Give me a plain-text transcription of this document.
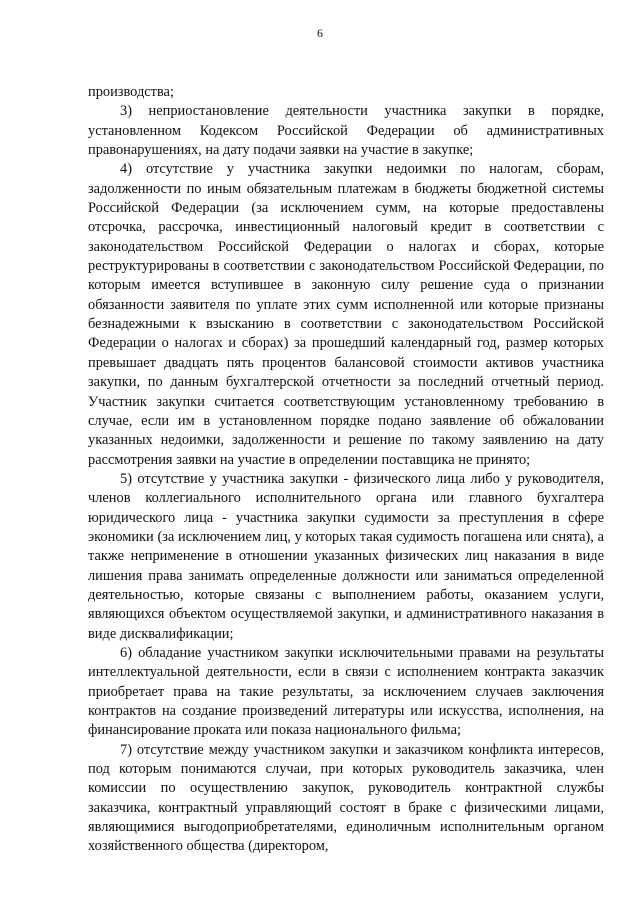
6

производства;

3) неприостановление деятельности участника закупки в порядке, установленном Кодексом Российской Федерации об административных правонарушениях, на дату подачи заявки на участие в закупке;

4) отсутствие у участника закупки недоимки по налогам, сборам, задолженности по иным обязательным платежам в бюджеты бюджетной системы Российской Федерации (за исключением сумм, на которые предоставлены отсрочка, рассрочка, инвестиционный налоговый кредит в соответствии с законодательством Российской Федерации о налогах и сборах, которые реструктурированы в соответствии с законодательством Российской Федерации, по которым имеется вступившее в законную силу решение суда о признании обязанности заявителя по уплате этих сумм исполненной или которые признаны безнадежными к взысканию в соответствии с законодательством Российской Федерации о налогах и сборах) за прошедший календарный год, размер которых превышает двадцать пять процентов балансовой стоимости активов участника закупки, по данным бухгалтерской отчетности за последний отчетный период. Участник закупки считается соответствующим установленному требованию в случае, если им в установленном порядке подано заявление об обжаловании указанных недоимки, задолженности и решение по такому заявлению на дату рассмотрения заявки на участие в определении поставщика не принято;

5) отсутствие у участника закупки - физического лица либо у руководителя, членов коллегиального исполнительного органа или главного бухгалтера юридического лица - участника закупки судимости за преступления в сфере экономики (за исключением лиц, у которых такая судимость погашена или снята), а также неприменение в отношении указанных физических лиц наказания в виде лишения права занимать определенные должности или заниматься определенной деятельностью, которые связаны с выполнением работы, оказанием услуги, являющихся объектом осуществляемой закупки, и административного наказания в виде дисквалификации;

6) обладание участником закупки исключительными правами на результаты интеллектуальной деятельности, если в связи с исполнением контракта заказчик приобретает права на такие результаты, за исключением случаев заключения контрактов на создание произведений литературы или искусства, исполнения, на финансирование проката или показа национального фильма;

7) отсутствие между участником закупки и заказчиком конфликта интересов, под которым понимаются случаи, при которых руководитель заказчика, член комиссии по осуществлению закупок, руководитель контрактной службы заказчика, контрактный управляющий состоят в браке с физическими лицами, являющимися выгодоприобретателями, единоличным исполнительным органом хозяйственного общества (директором,
